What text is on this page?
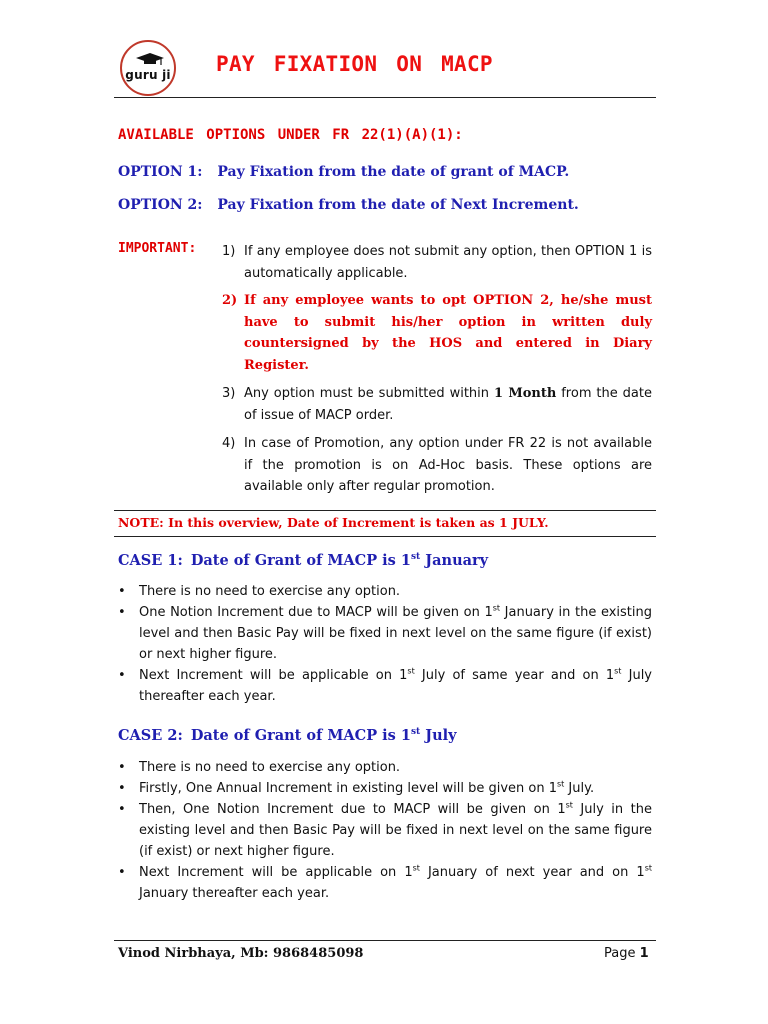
guru ji PAY FIXATION ON MACP
AVAILABLE OPTIONS UNDER FR 22(1)(A)(1):
OPTION 1: Pay Fixation from the date of grant of MACP.
OPTION 2: Pay Fixation from the date of Next Increment.
IMPORTANT: 1) If any employee does not submit any option, then OPTION 1 is automatically applicable.
2) If any employee wants to opt OPTION 2, he/she must have to submit his/her option in written duly countersigned by the HOS and entered in Diary Register.
3) Any option must be submitted within 1 Month from the date of issue of MACP order.
4) In case of Promotion, any option under FR 22 is not available if the promotion is on Ad-Hoc basis. These options are available only after regular promotion.
NOTE: In this overview, Date of Increment is taken as 1 JULY.
CASE 1: Date of Grant of MACP is 1st January
• There is no need to exercise any option.
• One Notion Increment due to MACP will be given on 1st January in the existing level and then Basic Pay will be fixed in next level on the same figure (if exist) or next higher figure.
• Next Increment will be applicable on 1st July of same year and on 1st July thereafter each year.
CASE 2: Date of Grant of MACP is 1st July
• There is no need to exercise any option.
• Firstly, One Annual Increment in existing level will be given on 1st July.
• Then, One Notion Increment due to MACP will be given on 1st July in the existing level and then Basic Pay will be fixed in next level on the same figure (if exist) or next higher figure.
• Next Increment will be applicable on 1st January of next year and on 1st January thereafter each year.
Vinod Nirbhaya, Mb: 9868485098	Page 1
